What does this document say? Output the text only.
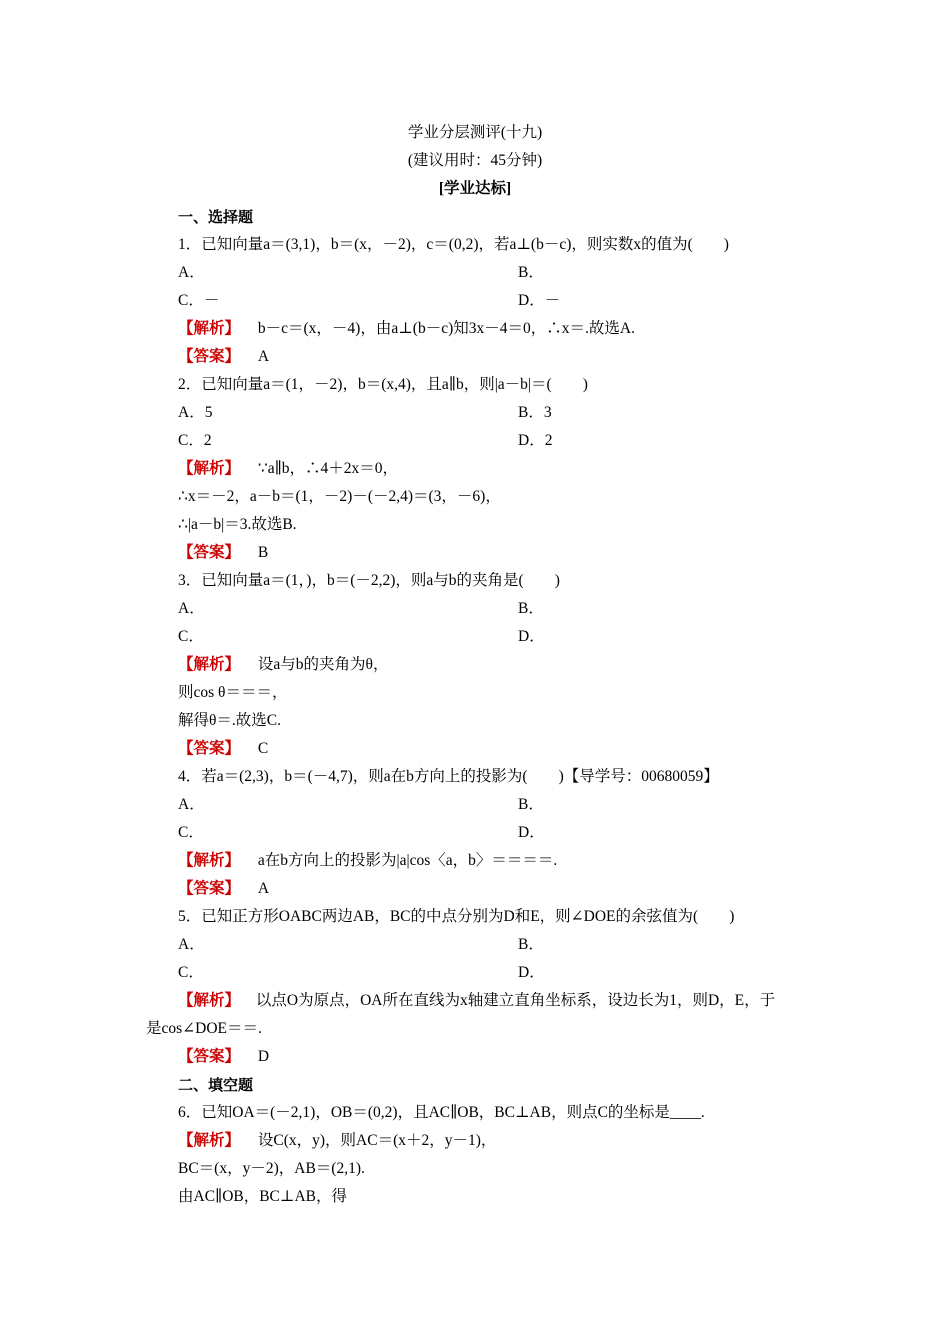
学业分层测评(十九)
(建议用时：45分钟)
[学业达标]
一、选择题
1．已知向量a＝(3,1)，b＝(x，－2)，c＝(0,2)，若a⊥(b－c)，则实数x的值为(　　)
A．	B．
C．－	D．－
【解析】 b－c＝(x，－4)，由a⊥(b－c)知3x－4＝0，∴x＝.故选A.
【答案】 A
2．已知向量a＝(1，－2)，b＝(x,4)，且a∥b，则|a－b|＝(　　)
A．5	B．3
C．2	D．2
【解析】 ∵a∥b，∴4＋2x＝0，
∴x＝－2，a－b＝(1，－2)－(－2,4)＝(3，－6)，
∴|a－b|＝3.故选B.
【答案】 B
3．已知向量a＝(1，)，b＝(－2,2)，则a与b的夹角是(　　)
A．	B．
C．	D．
【解析】 设a与b的夹角为θ，
则cos θ＝＝＝，
解得θ＝.故选C.
【答案】 C
4．若a＝(2,3)，b＝(－4,7)，则a在b方向上的投影为(　　)【导学号：00680059】
A．	B．
C．	D．
【解析】 a在b方向上的投影为|a|cos〈a，b〉＝＝＝＝.
【答案】 A
5．已知正方形OABC两边AB，BC的中点分别为D和E，则∠DOE的余弦值为(　　)
A．	B．
C．	D．
【解析】 以点O为原点，OA所在直线为x轴建立直角坐标系，设边长为1，则D，E，于
是cos∠DOE＝＝.
【答案】 D
二、填空题
6．已知OA＝(－2,1)，OB＝(0,2)，且AC∥OB，BC⊥AB，则点C的坐标是____.
【解析】 设C(x，y)，则AC＝(x＋2，y－1)，
BC＝(x，y－2)，AB＝(2,1).
由AC∥OB，BC⊥AB，得
